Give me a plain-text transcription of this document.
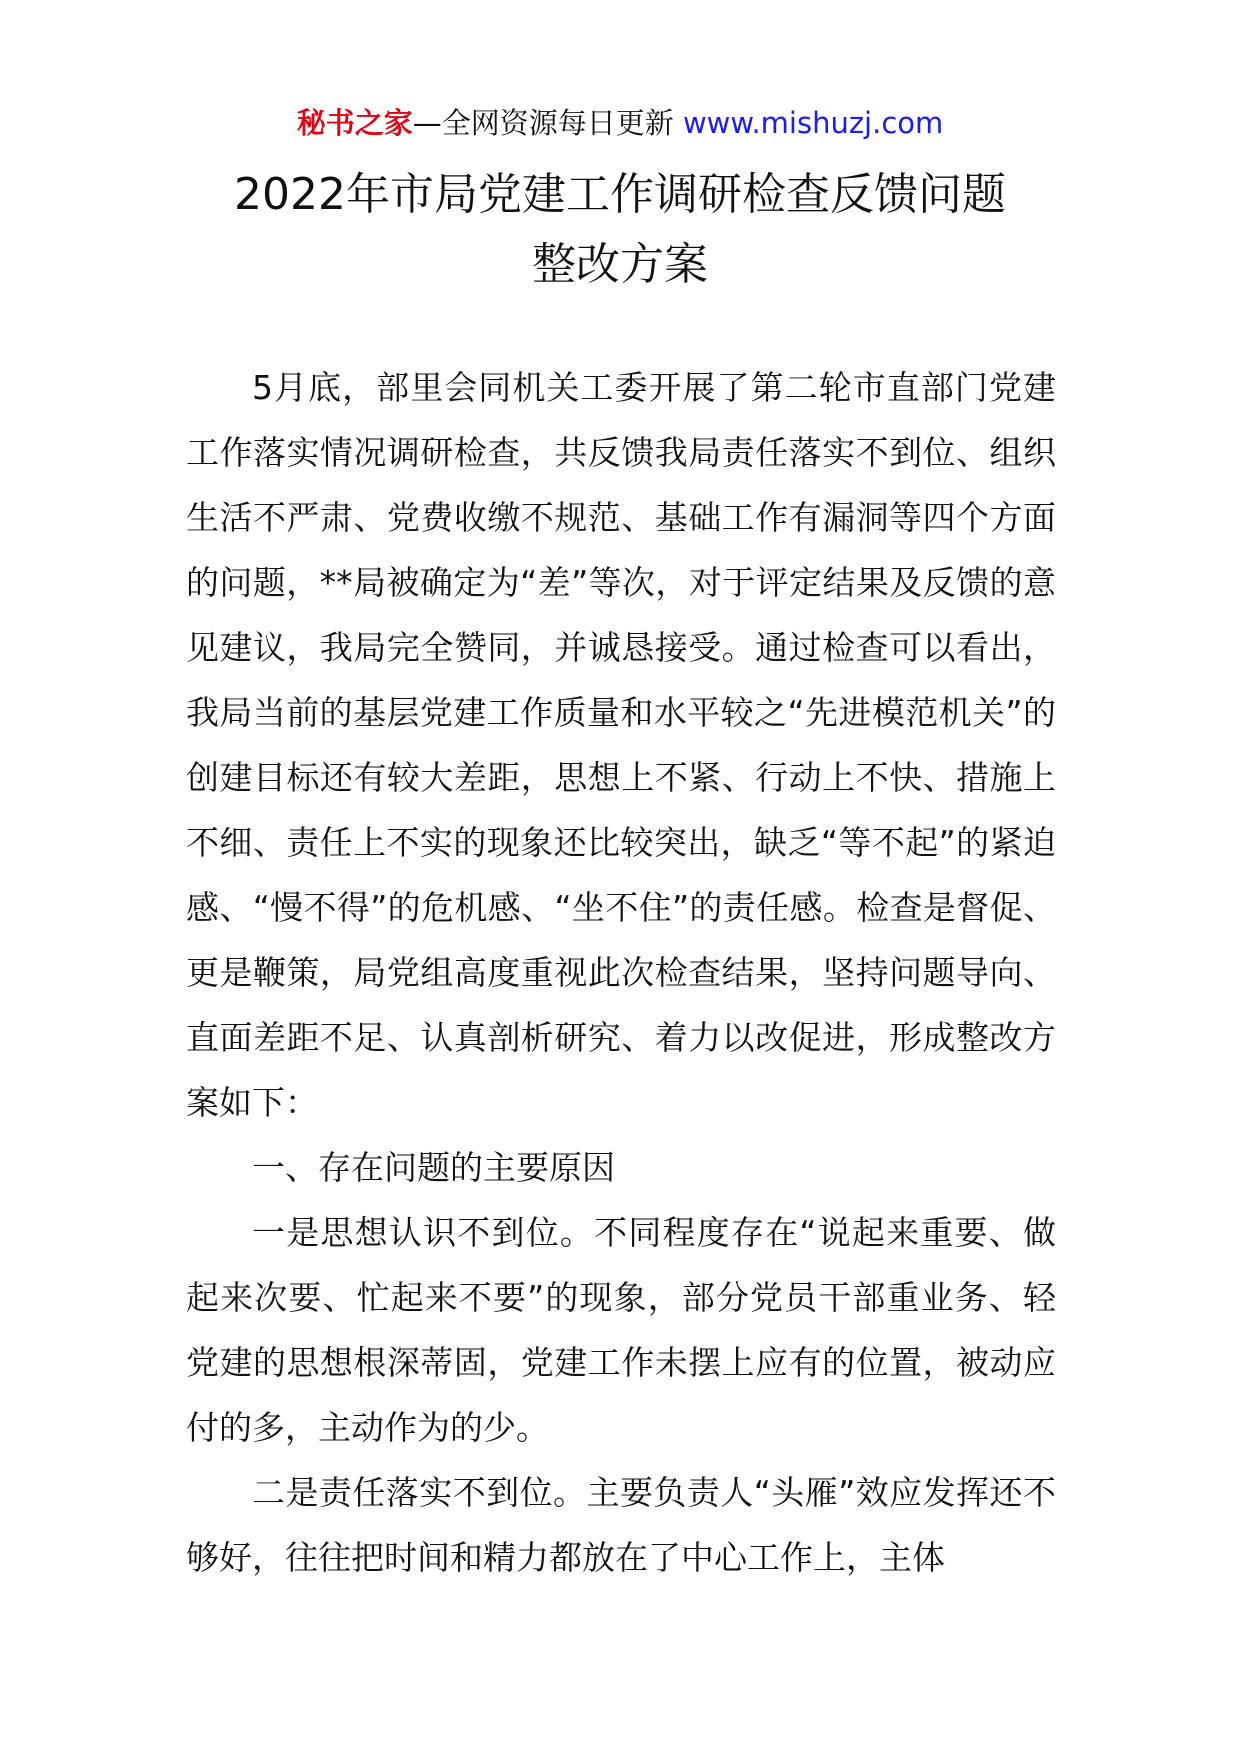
秘书之家—全网资源每日更新 www.mishuzj.com
2022年市局党建工作调研检查反馈问题
整改方案

5月底，部里会同机关工委开展了第二轮市直部门党建工作落实情况调研检查，共反馈我局责任落实不到位、组织生活不严肃、党费收缴不规范、基础工作有漏洞等四个方面的问题，**局被确定为“差”等次，对于评定结果及反馈的意见建议，我局完全赞同，并诚恳接受。通过检查可以看出，我局当前的基层党建工作质量和水平较之“先进模范机关”的创建目标还有较大差距，思想上不紧、行动上不快、措施上不细、责任上不实的现象还比较突出，缺乏“等不起”的紧迫感、“慢不得”的危机感、“坐不住”的责任感。检查是督促、更是鞭策，局党组高度重视此次检查结果，坚持问题导向、直面差距不足、认真剖析研究、着力以改促进，形成整改方案如下：

一、存在问题的主要原因

一是思想认识不到位。不同程度存在“说起来重要、做起来次要、忙起来不要”的现象，部分党员干部重业务、轻党建的思想根深蒂固，党建工作未摆上应有的位置，被动应付的多，主动作为的少。

二是责任落实不到位。主要负责人“头雁”效应发挥还不够好，往往把时间和精力都放在了中心工作上，主体
